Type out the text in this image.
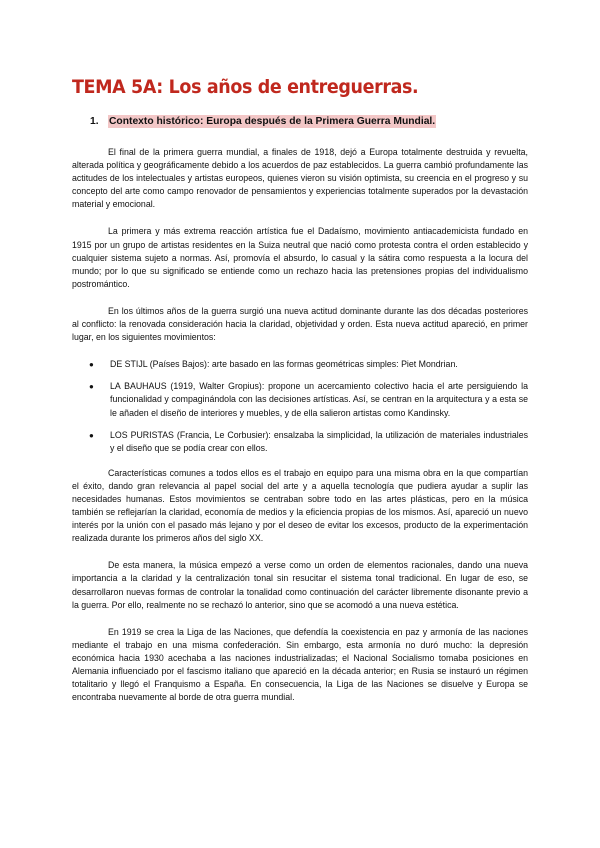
TEMA 5A: Los años de entreguerras.
1. Contexto histórico: Europa después de la Primera Guerra Mundial.

El final de la primera guerra mundial, a finales de 1918, dejó a Europa totalmente destruida y revuelta, alterada política y geográficamente debido a los acuerdos de paz establecidos. La guerra cambió profundamente las actitudes de los intelectuales y artistas europeos, quienes vieron su visión optimista, su creencia en el progreso y su concepto del arte como campo renovador de pensamientos y experiencias totalmente superados por la devastación material y emocional.

La primera y más extrema reacción artística fue el Dadaísmo, movimiento antiacademicista fundado en 1915 por un grupo de artistas residentes en la Suiza neutral que nació como protesta contra el orden establecido y cualquier sistema sujeto a normas. Así, promovía el absurdo, lo casual y la sátira como respuesta a la locura del mundo; por lo que su significado se entiende como un rechazo hacia las pretensiones propias del individualismo postromántico.

En los últimos años de la guerra surgió una nueva actitud dominante durante las dos décadas posteriores al conflicto: la renovada consideración hacia la claridad, objetividad y orden. Esta nueva actitud apareció, en primer lugar, en los siguientes movimientos:

● DE STIJL (Países Bajos): arte basado en las formas geométricas simples: Piet Mondrian.
● LA BAUHAUS (1919, Walter Gropius): propone un acercamiento colectivo hacia el arte persiguiendo la funcionalidad y compaginándola con las decisiones artísticas. Así, se centran en la arquitectura y a esta se le añaden el diseño de interiores y muebles, y de ella salieron artistas como Kandinsky.
● LOS PURISTAS (Francia, Le Corbusier): ensalzaba la simplicidad, la utilización de materiales industriales y el diseño que se podía crear con ellos.

Características comunes a todos ellos es el trabajo en equipo para una misma obra en la que compartían el éxito, dando gran relevancia al papel social del arte y a aquella tecnología que pudiera ayudar a suplir las necesidades humanas. Estos movimientos se centraban sobre todo en las artes plásticas, pero en la música también se reflejarían la claridad, economía de medios y la eficiencia propias de los mismos. Así, apareció un nuevo interés por la unión con el pasado más lejano y por el deseo de evitar los excesos, producto de la experimentación realizada durante los primeros años del siglo XX.

De esta manera, la música empezó a verse como un orden de elementos racionales, dando una nueva importancia a la claridad y la centralización tonal sin resucitar el sistema tonal tradicional. En lugar de eso, se desarrollaron nuevas formas de controlar la tonalidad como continuación del carácter libremente disonante previo a la guerra. Por ello, realmente no se rechazó lo anterior, sino que se acomodó a una nueva estética.

En 1919 se crea la Liga de las Naciones, que defendía la coexistencia en paz y armonía de las naciones mediante el trabajo en una misma confederación. Sin embargo, esta armonía no duró mucho: la depresión económica hacia 1930 acechaba a las naciones industrializadas; el Nacional Socialismo tomaba posiciones en Alemania influenciado por el fascismo italiano que apareció en la década anterior; en Rusia se instauró un régimen totalitario y llegó el Franquismo a España. En consecuencia, la Liga de las Naciones se disuelve y Europa se encontraba nuevamente al borde de otra guerra mundial.
